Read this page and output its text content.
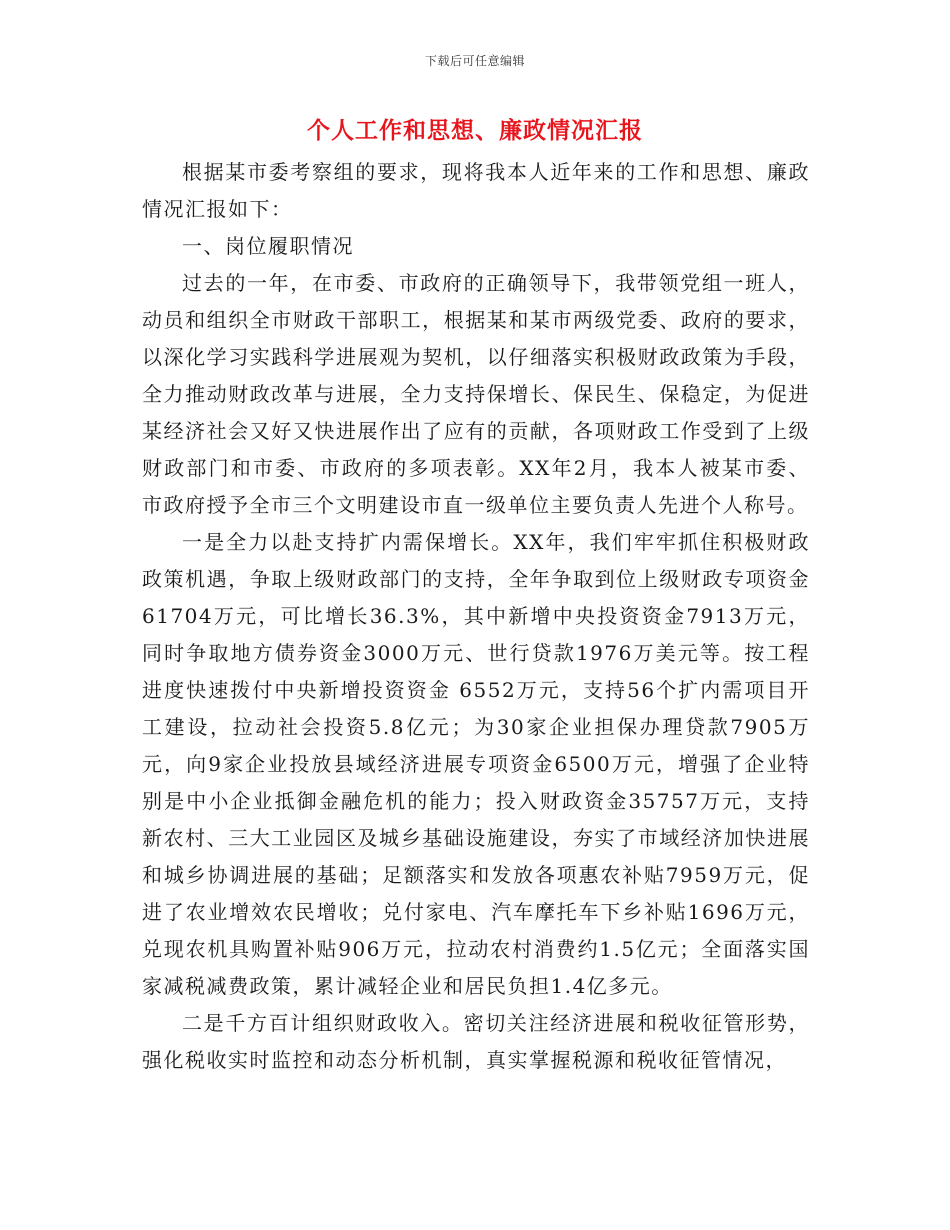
下载后可任意编辑
个人工作和思想、廉政情况汇报

根据某市委考察组的要求，现将我本人近年来的工作和思想、廉政情况汇报如下：

一、岗位履职情况

过去的一年，在市委、市政府的正确领导下，我带领党组一班人，动员和组织全市财政干部职工，根据某和某市两级党委、政府的要求，以深化学习实践科学进展观为契机，以仔细落实积极财政政策为手段，全力推动财政改革与进展，全力支持保增长、保民生、保稳定，为促进某经济社会又好又快进展作出了应有的贡献，各项财政工作受到了上级财政部门和市委、市政府的多项表彰。XX年2月，我本人被某市委、市政府授予全市三个文明建设市直一级单位主要负责人先进个人称号。

一是全力以赴支持扩内需保增长。XX年，我们牢牢抓住积极财政政策机遇，争取上级财政部门的支持，全年争取到位上级财政专项资金61704万元，可比增长36.3%，其中新增中央投资资金7913万元，同时争取地方债券资金3000万元、世行贷款1976万美元等。按工程进度快速拨付中央新增投资资金 6552万元，支持56个扩内需项目开工建设，拉动社会投资5.8亿元；为30家企业担保办理贷款7905万元，向9家企业投放县域经济进展专项资金6500万元，增强了企业特别是中小企业抵御金融危机的能力；投入财政资金35757万元，支持新农村、三大工业园区及城乡基础设施建设，夯实了市域经济加快进展和城乡协调进展的基础；足额落实和发放各项惠农补贴7959万元，促进了农业增效农民增收；兑付家电、汽车摩托车下乡补贴1696万元，兑现农机具购置补贴906万元，拉动农村消费约1.5亿元；全面落实国家减税减费政策，累计减轻企业和居民负担1.4亿多元。

二是千方百计组织财政收入。密切关注经济进展和税收征管形势，强化税收实时监控和动态分析机制，真实掌握税源和税收征管情况，
